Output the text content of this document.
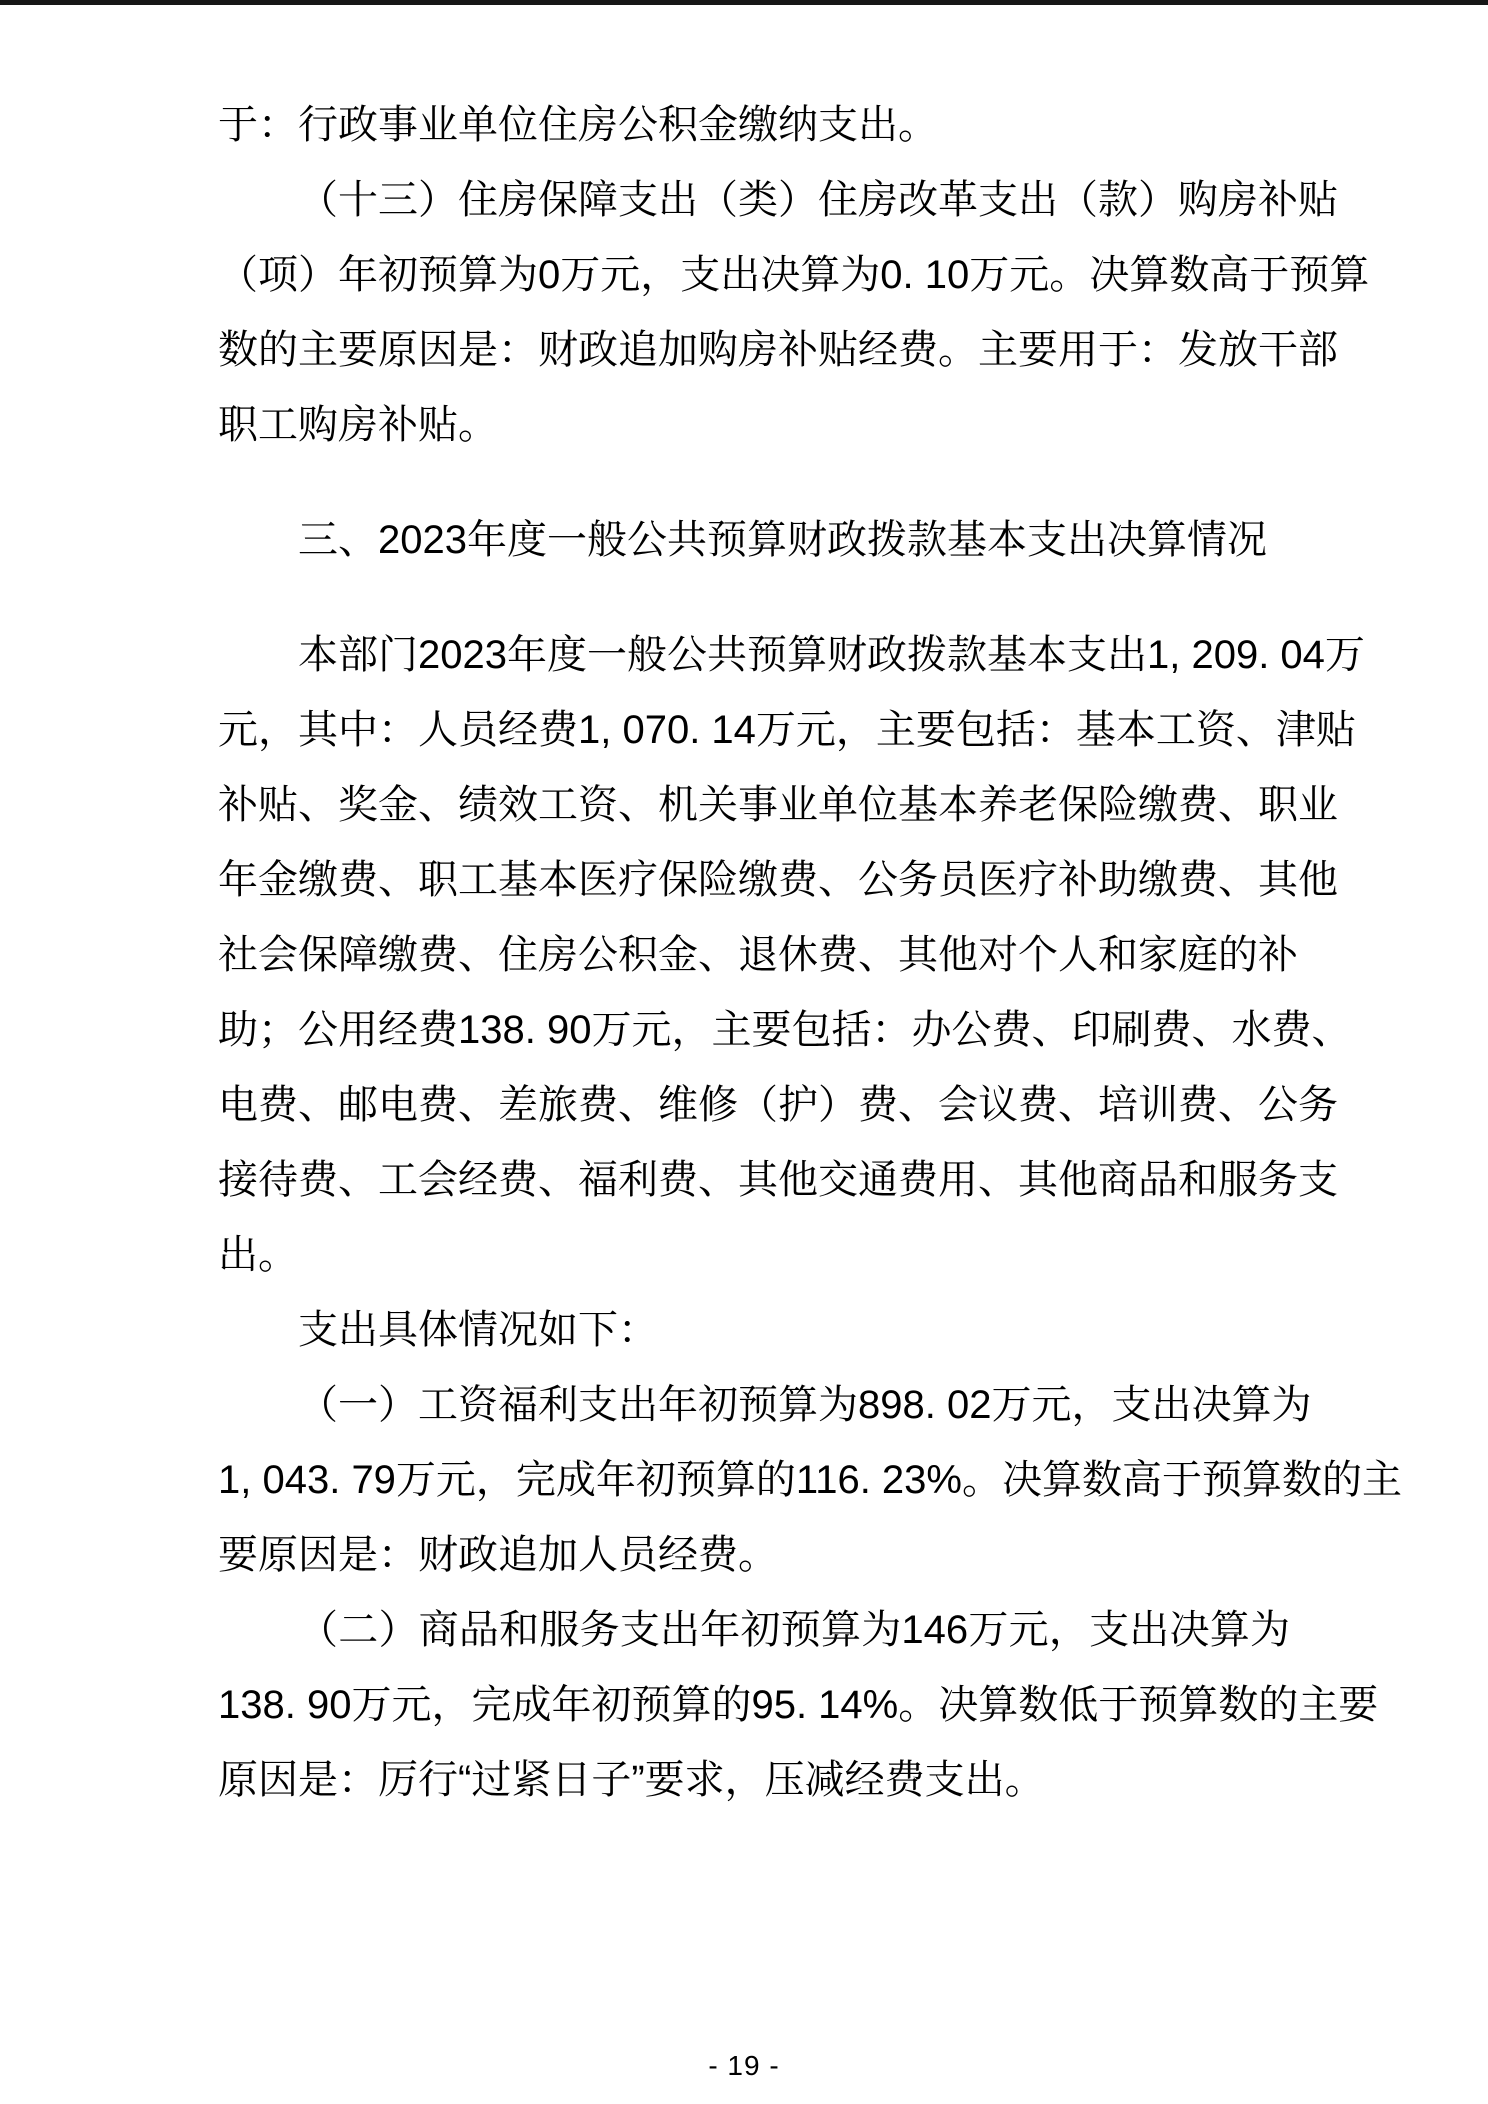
于：行政事业单位住房公积金缴纳支出。
（十三）住房保障支出（类）住房改革支出（款）购房补贴
（项）年初预算为0万元，支出决算为0. 10万元。决算数高于预算
数的主要原因是：财政追加购房补贴经费。主要用于：发放干部
职工购房补贴。
三、2023年度一般公共预算财政拨款基本支出决算情况
本部门2023年度一般公共预算财政拨款基本支出1, 209. 04万
元，其中：人员经费1, 070. 14万元，主要包括：基本工资、津贴
补贴、奖金、绩效工资、机关事业单位基本养老保险缴费、职业
年金缴费、职工基本医疗保险缴费、公务员医疗补助缴费、其他
社会保障缴费、住房公积金、退休费、其他对个人和家庭的补
助；公用经费138. 90万元，主要包括：办公费、印刷费、水费、
电费、邮电费、差旅费、维修（护）费、会议费、培训费、公务
接待费、工会经费、福利费、其他交通费用、其他商品和服务支
出。
支出具体情况如下：
（一）工资福利支出年初预算为898. 02万元，支出决算为
1, 043. 79万元，完成年初预算的116. 23%。决算数高于预算数的主
要原因是：财政追加人员经费。
（二）商品和服务支出年初预算为146万元，支出决算为
138. 90万元，完成年初预算的95. 14%。决算数低于预算数的主要
原因是：厉行“过紧日子”要求，压减经费支出。
- 19 -
